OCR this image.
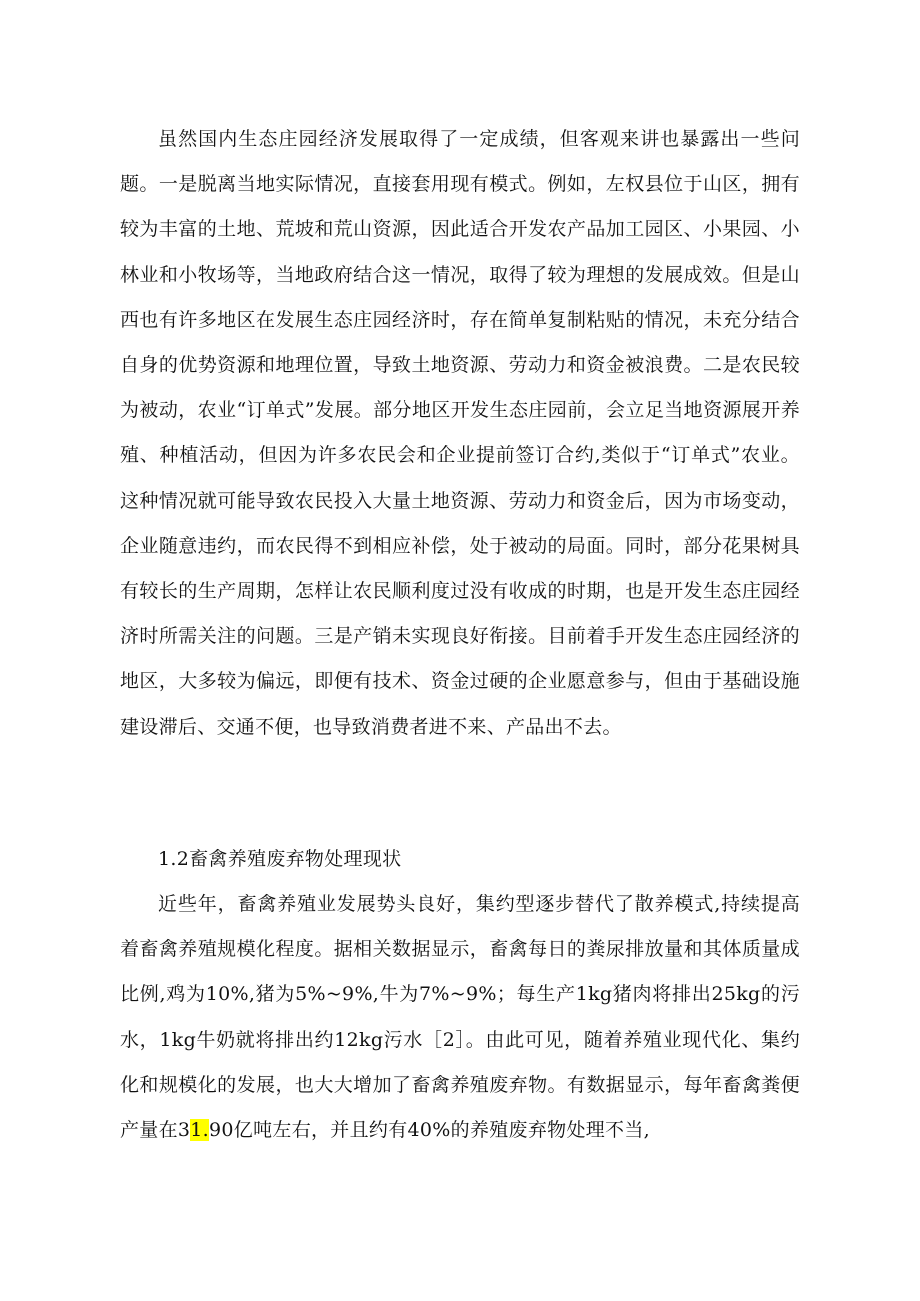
虽然国内生态庄园经济发展取得了一定成绩，但客观来讲也暴露出一些问题。一是脱离当地实际情况，直接套用现有模式。例如，左权县位于山区，拥有较为丰富的土地、荒坡和荒山资源，因此适合开发农产品加工园区、小果园、小林业和小牧场等，当地政府结合这一情况，取得了较为理想的发展成效。但是山西也有许多地区在发展生态庄园经济时，存在简单复制粘贴的情况，未充分结合自身的优势资源和地理位置，导致土地资源、劳动力和资金被浪费。二是农民较为被动，农业“订单式”发展。部分地区开发生态庄园前，会立足当地资源展开养殖、种植活动，但因为许多农民会和企业提前签订合约,类似于“订单式”农业。这种情况就可能导致农民投入大量土地资源、劳动力和资金后，因为市场变动，企业随意违约，而农民得不到相应补偿，处于被动的局面。同时，部分花果树具有较长的生产周期，怎样让农民顺利度过没有收成的时期，也是开发生态庄园经济时所需关注的问题。三是产销未实现良好衔接。目前着手开发生态庄园经济的地区，大多较为偏远，即便有技术、资金过硬的企业愿意参与，但由于基础设施建设滞后、交通不便，也导致消费者进不来、产品出不去。

1.2畜禽养殖废弃物处理现状

近些年，畜禽养殖业发展势头良好，集约型逐步替代了散养模式,持续提高着畜禽养殖规模化程度。据相关数据显示，畜禽每日的粪尿排放量和其体质量成比例,鸡为10%,猪为5%~9%,牛为7%~9%；每生产1kg猪肉将排出25kg的污水，1kg牛奶就将排出约12kg污水［2］。由此可见，随着养殖业现代化、集约化和规模化的发展，也大大增加了畜禽养殖废弃物。有数据显示，每年畜禽粪便产量在31.90亿吨左右，并且约有40%的养殖废弃物处理不当,
